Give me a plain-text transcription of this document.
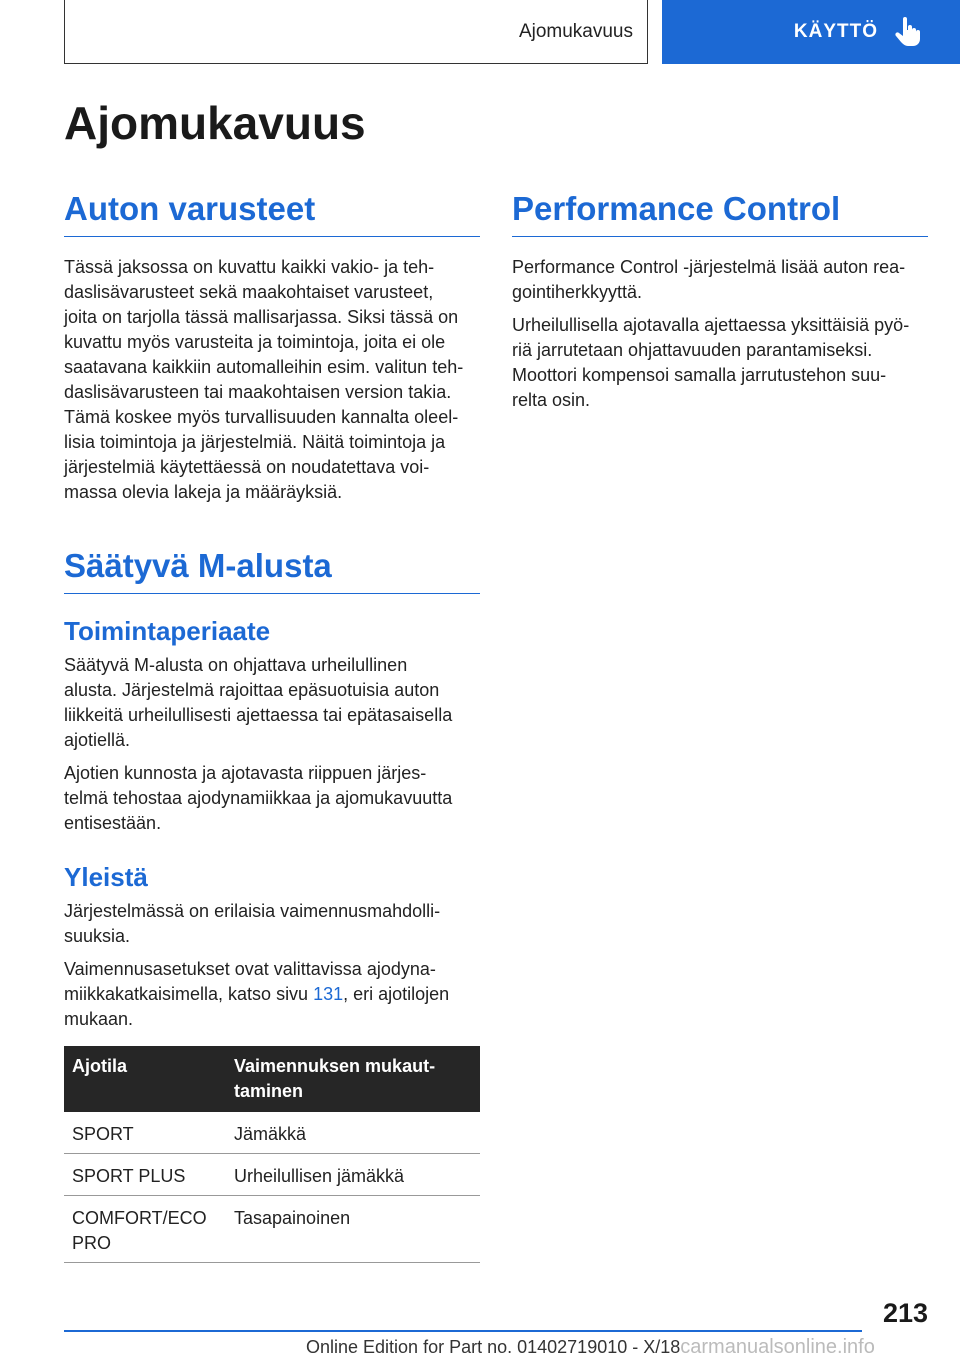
Ajomukavuus	KÄYTTÖ
Ajomukavuus
Auton varusteet
Tässä jaksossa on kuvattu kaikki vakio- ja teh-
daslisävarusteet sekä maakohtaiset varusteet,
joita on tarjolla tässä mallisarjassa. Siksi tässä on
kuvattu myös varusteita ja toimintoja, joita ei ole
saatavana kaikkiin automalleihin esim. valitun teh-
daslisävarusteen tai maakohtaisen version takia.
Tämä koskee myös turvallisuuden kannalta oleel-
lisia toimintoja ja järjestelmiä. Näitä toimintoja ja
järjestelmiä käytettäessä on noudatettava voi-
massa olevia lakeja ja määräyksiä.
Säätyvä M-alusta
Toimintaperiaate
Säätyvä M-alusta on ohjattava urheilullinen
alusta. Järjestelmä rajoittaa epäsuotuisia auton
liikkeitä urheilullisesti ajettaessa tai epätasaisella
ajotiellä.
Ajotien kunnosta ja ajotavasta riippuen järjes-
telmä tehostaa ajodynamiikkaa ja ajomukavuutta
entisestään.
Yleistä
Järjestelmässä on erilaisia vaimennusmahdolli-
suuksia.
Vaimennusasetukset ovat valittavissa ajodyna-
miikkakatkaisimella, katso sivu 131, eri ajotilojen
mukaan.
Ajotila	Vaimennuksen mukaut-
taminen

SPORT	Jämäkkä
SPORT PLUS	Urheilullisen jämäkkä

COMFORT/ECO
PRO	Tasapainoinen
Performance Control
Performance Control -järjestelmä lisää auton rea-
gointiherkkyyttä.
Urheilullisella ajotavalla ajettaessa yksittäisiä pyö-
riä jarrutetaan ohjattavuuden parantamiseksi.
Moottori kompensoi samalla jarrutustehon suu-
relta osin.
213
Online Edition for Part no. 01402719010 - X/18carmanualsonline.info
